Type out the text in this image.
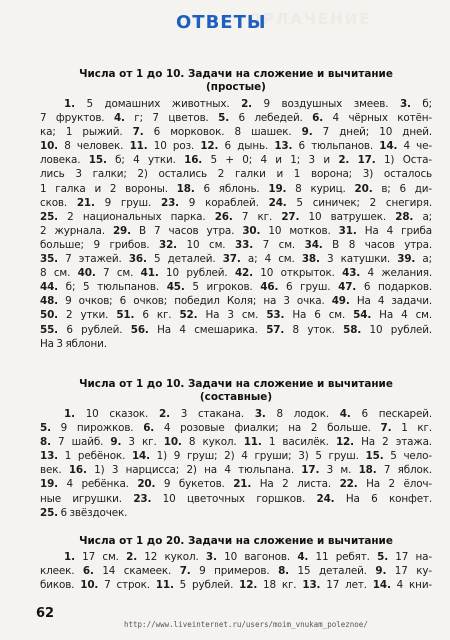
ОРЛАЧЕНИЕ
ОТВЕТЫ
Числа от 1 до 10. Задачи на сложение и вычитание
(простые)
1. 5 домашних животных. 2. 9 воздушных змеев. 3. б;
7 фруктов. 4. г; 7 цветов. 5. 6 лебедей. 6. 4 чёрных котён-
ка; 1 рыжий. 7. 6 морковок. 8 шашек. 9. 7 дней; 10 дней.
10. 8 человек. 11. 10 роз. 12. 6 дынь. 13. 6 тюльпанов. 14. 4 че-
ловека. 15. б; 4 утки. 16. 5 + 0; 4 и 1; 3 и 2. 17. 1) Оста-
лись 3 галки; 2) остались 2 галки и 1 ворона; 3) осталось
1 галка и 2 вороны. 18. 6 яблонь. 19. 8 куриц. 20. в; 6 ди-
сков. 21. 9 груш. 23. 9 кораблей. 24. 5 синичек; 2 снегиря.
25. 2 национальных парка. 26. 7 кг. 27. 10 ватрушек. 28. а;
2 журнала. 29. В 7 часов утра. 30. 10 мотков. 31. На 4 гриба
больше; 9 грибов. 32. 10 см. 33. 7 см. 34. В 8 часов утра.
35. 7 этажей. 36. 5 деталей. 37. а; 4 см. 38. 3 катушки. 39. а;
8 см. 40. 7 см. 41. 10 рублей. 42. 10 открыток. 43. 4 желания.
44. б; 5 тюльпанов. 45. 5 игроков. 46. 6 груш. 47. 6 подарков.
48. 9 очков; 6 очков; победил Коля; на 3 очка. 49. На 4 задачи.
50. 2 утки. 51. 6 кг. 52. На 3 см. 53. На 6 см. 54. На 4 см.
55. 6 рублей. 56. На 4 смешарика. 57. 8 уток. 58. 10 рублей.
На 3 яблони.
Числа от 1 до 10. Задачи на сложение и вычитание
(составные)
1. 10 сказок. 2. 3 стакана. 3. 8 лодок. 4. 6 пескарей.
5. 9 пирожков. 6. 4 розовые фиалки; на 2 больше. 7. 1 кг.
8. 7 шайб. 9. 3 кг. 10. 8 кукол. 11. 1 василёк. 12. На 2 этажа.
13. 1 ребёнок. 14. 1) 9 груш; 2) 4 груши; 3) 5 груш. 15. 5 чело-
век. 16. 1) 3 нарцисса; 2) на 4 тюльпана. 17. 3 м. 18. 7 яблок.
19. 4 ребёнка. 20. 9 букетов. 21. На 2 листа. 22. На 2 ёлоч-
ные игрушки. 23. 10 цветочных горшков. 24. На 6 конфет.
25. 6 звёздочек.
Числа от 1 до 20. Задачи на сложение и вычитание
1. 17 см. 2. 12 кукол. 3. 10 вагонов. 4. 11 ребят. 5. 17 на-
клеек. 6. 14 скамеек. 7. 9 примеров. 8. 15 деталей. 9. 17 ку-
биков. 10. 7 строк. 11. 5 рублей. 12. 18 кг. 13. 17 лет. 14. 4 кни-
62
http://www.liveinternet.ru/users/moim_vnukam_poleznoe/
